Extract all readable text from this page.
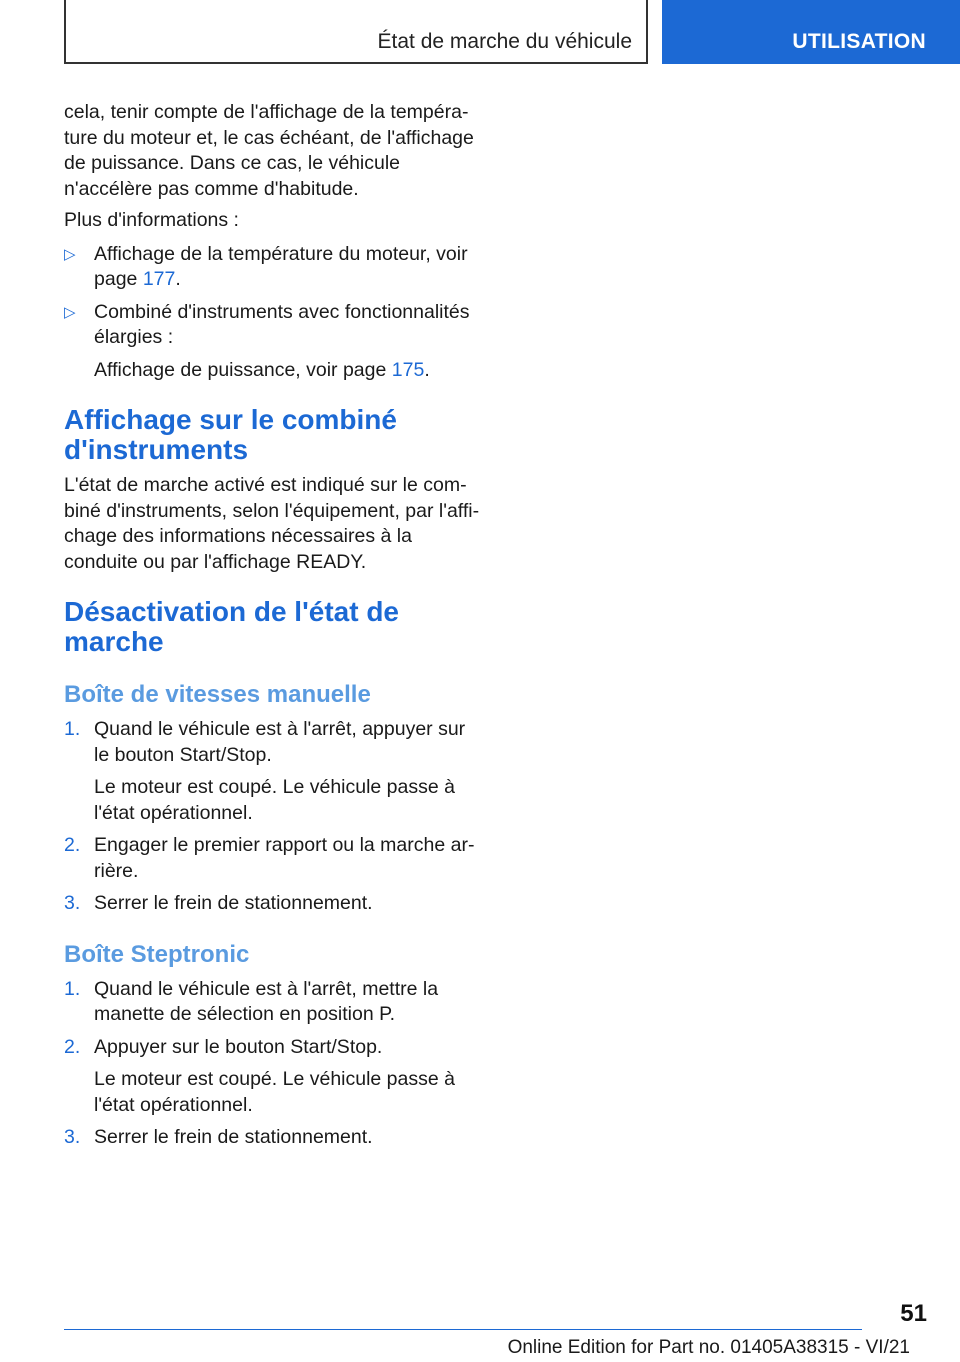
État de marche du véhicule	UTILISATION

cela, tenir compte de l'affichage de la température du moteur et, le cas échéant, de l'affichage de puissance. Dans ce cas, le véhicule n'accélère pas comme d'habitude.

Plus d'informations :

▷ Affichage de la température du moteur, voir page 177.
▷ Combiné d'instruments avec fonctionnalités élargies :
Affichage de puissance, voir page 175.
Affichage sur le combiné d'instruments

L'état de marche activé est indiqué sur le combiné d'instruments, selon l'équipement, par l'affichage des informations nécessaires à la conduite ou par l'affichage READY.

Désactivation de l'état de marche
Boîte de vitesses manuelle
1. Quand le véhicule est à l'arrêt, appuyer sur le bouton Start/Stop.
Le moteur est coupé. Le véhicule passe à l'état opérationnel.
2. Engager le premier rapport ou la marche arrière.
3. Serrer le frein de stationnement.
Boîte Steptronic
1. Quand le véhicule est à l'arrêt, mettre la manette de sélection en position P.
2. Appuyer sur le bouton Start/Stop.
Le moteur est coupé. Le véhicule passe à l'état opérationnel.
3. Serrer le frein de stationnement.
51
Online Edition for Part no. 01405A38315 - VI/21
